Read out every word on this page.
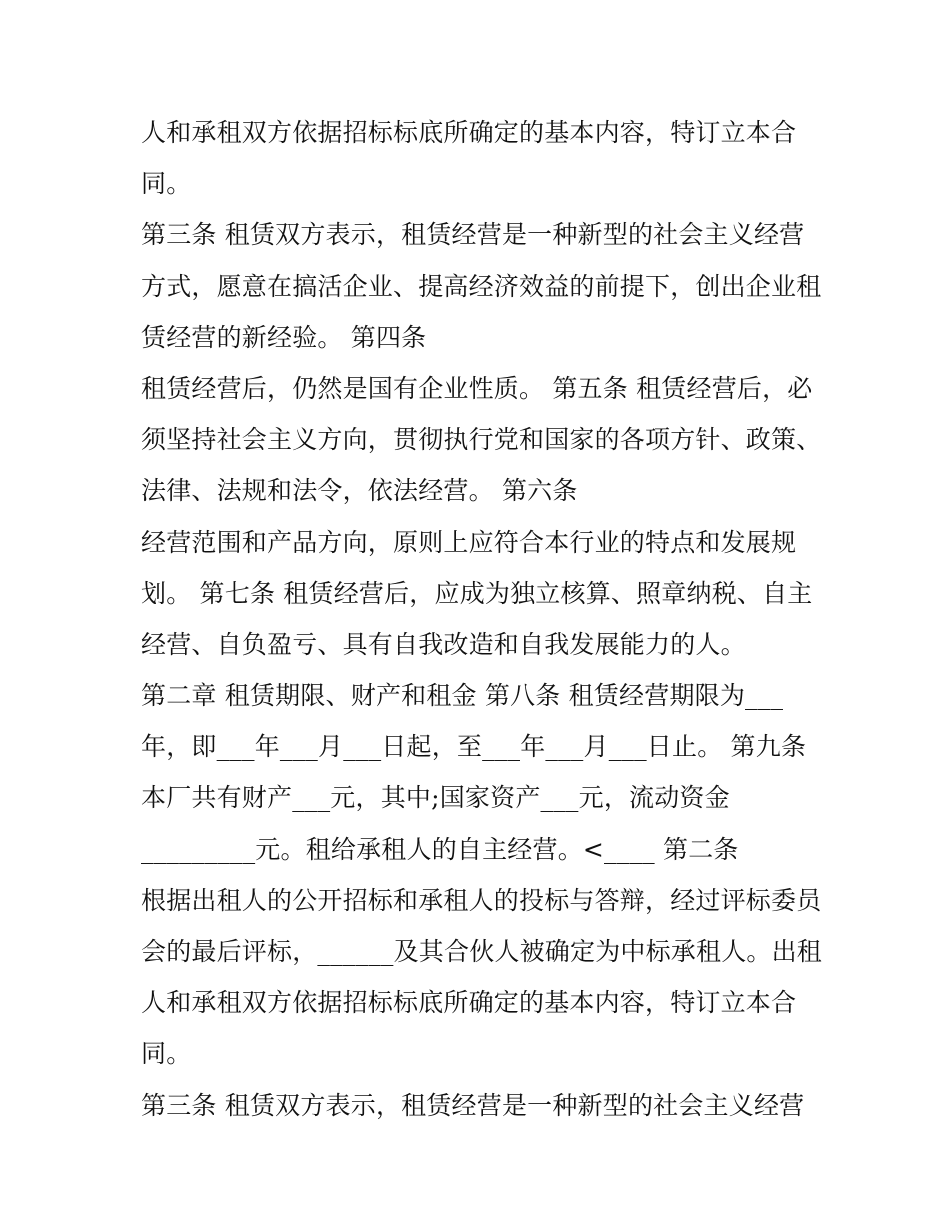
人和承租双方依据招标标底所确定的基本内容，特订立本合
同。
第三条 租赁双方表示，租赁经营是一种新型的社会主义经营
方式，愿意在搞活企业、提高经济效益的前提下，创出企业租
赁经营的新经验。 第四条
租赁经营后，仍然是国有企业性质。 第五条 租赁经营后，必
须坚持社会主义方向，贯彻执行党和国家的各项方针、政策、
法律、法规和法令，依法经营。 第六条
经营范围和产品方向，原则上应符合本行业的特点和发展规
划。 第七条 租赁经营后，应成为独立核算、照章纳税、自主
经营、自负盈亏、具有自我改造和自我发展能力的人。
第二章 租赁期限、财产和租金 第八条 租赁经营期限为___
年，即___年___月___日起，至___年___月___日止。 第九条
本厂共有财产___元，其中;国家资产___元，流动资金
_________元。租给承租人的自主经营。<____ 第二条
根据出租人的公开招标和承租人的投标与答辩，经过评标委员
会的最后评标，______及其合伙人被确定为中标承租人。出租
人和承租双方依据招标标底所确定的基本内容，特订立本合
同。
第三条 租赁双方表示，租赁经营是一种新型的社会主义经营
